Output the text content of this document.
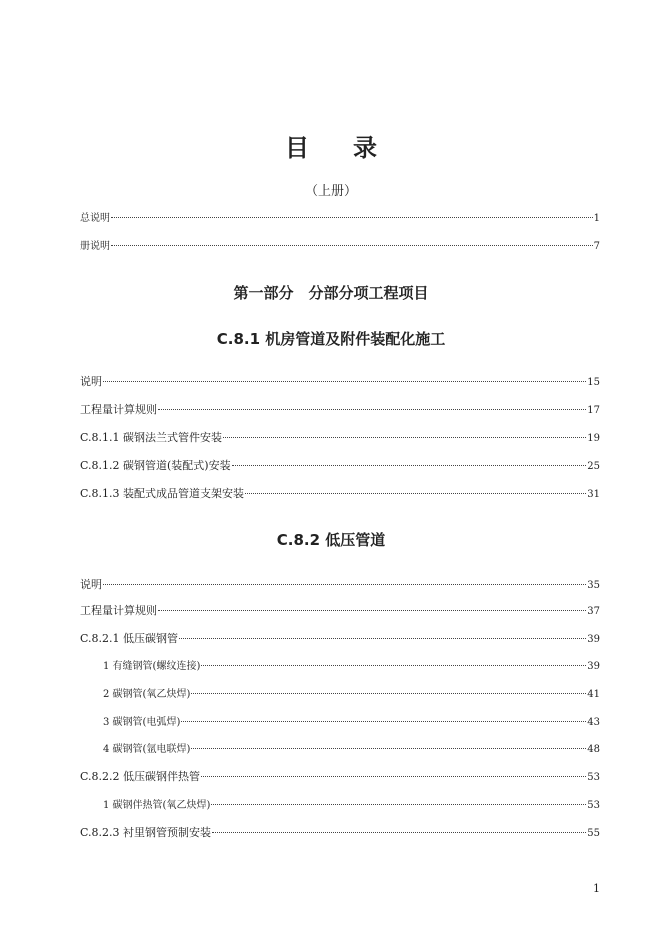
目录
（上册）
总说明	1
册说明	7
第一部分　分部分项工程项目
C.8.1 机房管道及附件装配化施工
说明	15
工程量计算规则	17
C.8.1.1 碳钢法兰式管件安装	19
C.8.1.2 碳钢管道(装配式)安装	25
C.8.1.3 装配式成品管道支架安装	31
C.8.2 低压管道
说明	35
工程量计算规则	37
C.8.2.1 低压碳钢管	39
1 有缝钢管(螺纹连接)	39
2 碳钢管(氧乙炔焊)	41
3 碳钢管(电弧焊)	43
4 碳钢管(氩电联焊)	48
C.8.2.2 低压碳钢伴热管	53
1 碳钢伴热管(氧乙炔焊)	53
C.8.2.3 衬里钢管预制安装	55
1
